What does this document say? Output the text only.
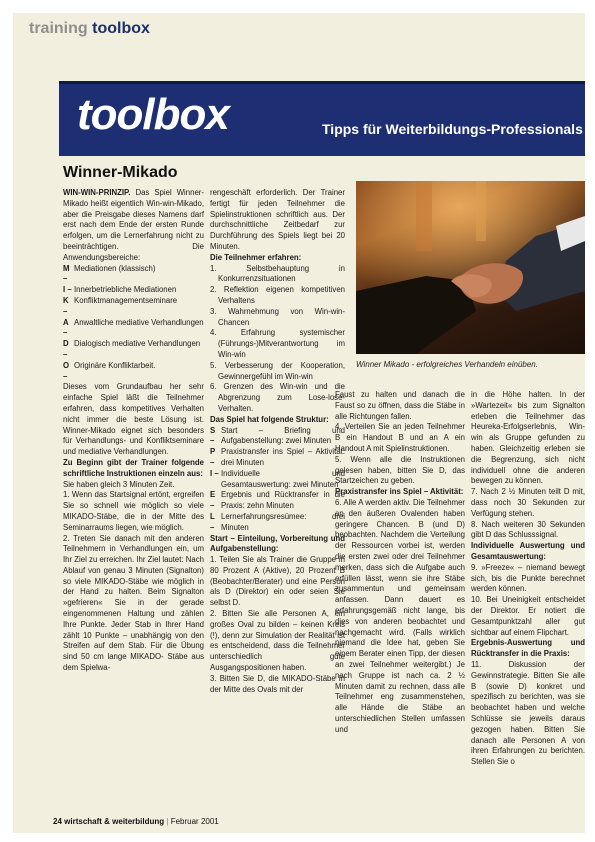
training toolbox
toolbox	Tipps für Weiterbildungs-Professionals
Winner-Mikado

WIN-WIN-PRINZIP. Das Spiel Winner-Mikado heißt eigentlich Win-win-Mikado, aber die Preisgabe dieses Namens darf erst nach dem Ende der ersten Runde erfolgen, um die Lernerfahrung nicht zu beeinträchtigen. Die Anwendungsbereiche:

M –
Mediationen (klassisch)
I – Innerbetriebliche Mediationen
K –
Konfliktmanagementseminare
A –
Anwaltliche mediative Verhandlungen
D –
Dialogisch mediative Verhandlungen
O –
Originäre Konfliktarbeit.

Dieses vom Grundaufbau her sehr einfache Spiel läßt die Teilnehmer erfahren, dass kompetitives Verhalten nicht immer die beste Lösung ist. Winner-Mikado eignet sich besonders für Verhandlungs- und Konfliktseminare und mediative Verhandlungen.

Zu Beginn gibt der Trainer folgende schriftliche Instruktionen einzeln aus:

Sie haben gleich 3 Minuten Zeit.

1. Wenn das Startsignal ertönt, ergreifen Sie so schnell wie möglich so viele MIKADO-Stäbe, die in der Mitte des Seminarraums liegen, wie möglich.

2. Treten Sie danach mit den anderen Teilnehmern in Verhandlungen ein, um Ihr Ziel zu erreichen. Ihr Ziel lautet: Nach Ablauf von genau 3 Minuten (Signalton) so viele MIKADO-Stäbe wie möglich in der Hand zu halten. Beim Signalton »gefrieren« Sie in der gerade eingenommenen Haltung und zählen Ihre Punkte. Jeder Stab in Ihrer Hand zählt 10 Punkte – unabhängig von den Streifen auf dem Stab. Für die Übung sind 50 cm lange MIKADO- Stäbe aus dem Spielwa-

rengeschäft erforderlich. Der Trainer fertigt für jeden Teilnehmer die Spielinstruktionen schriftlich aus. Der durchschnittliche Zeitbedarf zur Durchführung des Spiels liegt bei 20 Minuten.

Die Teilnehmer erfahren:

1. Selbstbehauptung in Konkurrenzsituationen

2. Reflektion eigenen kompetitiven Verhaltens

3. Wahrnehmung von Win-win-Chancen

4. Erfahrung systemischer (Führungs-)Mitverantwortung im Win-win

5. Verbesserung der Kooperation, Gewinnergefühl im Win-win

6. Grenzen des Win-win und die Abgrenzung zum Lose-lose-Verhalten.

Das Spiel hat folgende Struktur:

S –
Start – Briefing und Aufgabenstellung: zwei Minuten
P –
Praxistransfer ins Spiel – Aktivität: drei Minuten
I – Individuelle und Gesamtauswertung: zwei Minuten
E –
Ergebnis und Rücktransfer in die Praxis: zehn Minuten
L –
Lernerfahrungsresümee: drei Minuten

Start – Einteilung, Vorbereitung und Aufgabenstellung:

1. Teilen Sie als Trainer die Gruppe in 80 Prozent A (Aktive), 20 Prozent B (Beobachter/Berater) und eine Person als D (Direktor) ein oder seien Sie selbst D.

2. Bitten Sie alle Personen A, ein großes Oval zu bilden – keinen Kreis (!), denn zur Simulation der Realität ist es entscheidend, dass die Teilnehmer unterschiedlich gute Ausgangspositionen haben.

3. Bitten Sie D, die MIKADO-Stäbe in der Mitte des Ovals mit der

Winner Mikado - erfolgreiches Verhandeln einüben.

Faust zu halten und danach die Faust so zu öffnen, dass die Stäbe in alle Richtungen fallen.

4. Verteilen Sie an jeden Teilnehmer B ein Handout B und an A ein Handout A mit Spielinstruktionen.

5. Wenn alle die Instruktionen gelesen haben, bitten Sie D, das Startzeichen zu geben.

Praxistransfer ins Spiel – Aktivität:

6. Alle A werden aktiv. Die Teilnehmer an den äußeren Ovalenden haben geringere Chancen. B (und D) beobachten. Nachdem die Verteilung der Ressourcen vorbei ist, werden die ersten zwei oder drei Teilnehmer merken, dass sich die Aufgabe auch erfüllen lässt, wenn sie ihre Stäbe zusammentun und gemeinsam anfassen. Dann dauert es erfahrungsgemäß nicht lange, bis dies von anderen beobachtet und nachgemacht wird. (Falls wirklich niemand die Idee hat, geben Sie einem Berater einen Tipp, der diesen an zwei Teilnehmer weitergibt.) Je nach Gruppe ist nach ca. 2 ½ Minuten damit zu rechnen, dass alle Teilnehmer eng zusammenstehen, alle Hände die Stäbe an unterschiedlichen Stellen umfassen und

in die Höhe halten. In der »Wartezeit« bis zum Signalton erleben die Teilnehmer das Heureka-Erfolgserlebnis, Win-win als Gruppe gefunden zu haben. Gleichzeitig erleben sie die Begrenzung, sich nicht individuell ohne die anderen bewegen zu können.

7. Nach 2 ½ Minuten teilt D mit, dass noch 30 Sekunden zur Verfügung stehen.

8. Nach weiteren 30 Sekunden gibt D das Schlusssignal.

Individuelle Auswertung und Gesamtauswertung:

9. »Freeze« – niemand bewegt sich, bis die Punkte berechnet werden können.

10. Bei Uneinigkeit entscheidet der Direktor. Er notiert die Gesamtpunktzahl aller gut sichtbar auf einem Flipchart.

Ergebnis-Auswertung und Rücktransfer in die Praxis:

11. Diskussion der Gewinnstrategie. Bitten Sie alle B (sowie D) konkret und spezifisch zu berichten, was sie beobachtet haben und welche Schlüsse sie jeweils daraus gezogen haben. Bitten Sie danach alle Personen A von ihren Erfahrungen zu berichten. Stellen Sie o

24 wirtschaft & weiterbildung | Februar 2001
